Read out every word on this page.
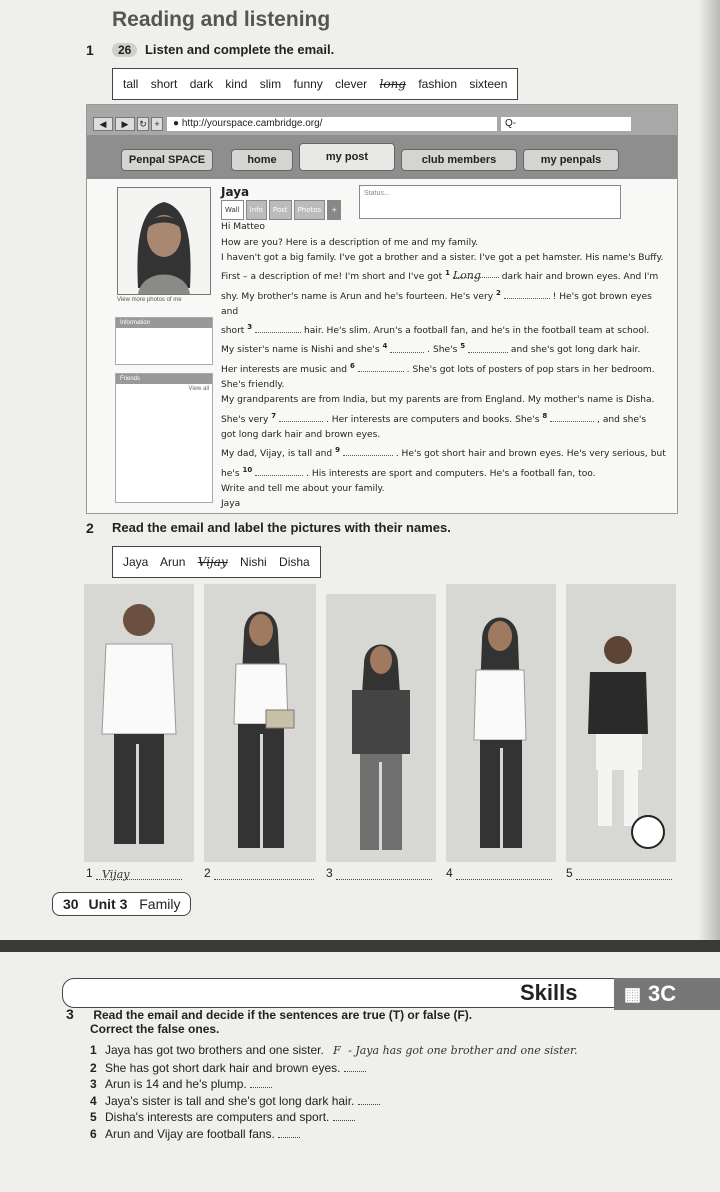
Reading and listening
1	26 Listen and complete the email.
tall short dark kind slim funny clever long fashion sixteen
◀	▶	↻ +	● http://yourspace.cambridge.org/	Q-
Penpal SPACE	home	my post	club members	my penpals
View more photos of me
Information
Friends
View all
Status...

Jaya

Wall Info Post Photos +

Hi Matteo

How are you? Here is a description of me and my family.

I haven't got a big family. I've got a brother and a sister. I've got a pet hamster. His name's Buffy.

First – a description of me! I'm short and I've got $^1$ Long dark hair and brown eyes. And I'm

shy. My brother's name is Arun and he's fourteen. He's very $^2$	! He's got brown eyes and

short $^3$	hair. He's slim. Arun's a football fan, and he's in the football team at school.

My sister's name is Nishi and she's $^4$	. She's $^5$	and she's got long dark hair.

Her interests are music and $^6$	. She's got lots of posters of pop stars in her bedroom.

She's friendly.

My grandparents are from India, but my parents are from England. My mother's name is Disha.

She's very $^7$	. Her interests are computers and books. She's $^8$	, and she's

got long dark hair and brown eyes.

My dad, Vijay, is tall and $^9$	. He's got short hair and brown eyes. He's very serious, but

he's $^{10}$	. His interests are sport and computers. He's a football fan, too.

Write and tell me about your family.

Jaya

2 Read the email and label the pictures with their names.
Jaya Arun Vijay Nishi Disha
1 Vijay	2	3	4	5
30 Unit 3 Family
Skills	▦ 3C
3 Read the email and decide if the sentences are true (T) or false (F).
Correct the false ones.
1 Jaya has got two brothers and one sister. F - Jaya has got one brother and one sister.
2 She has got short dark hair and brown eyes.
3 Arun is 14 and he's plump.
4 Jaya's sister is tall and she's got long dark hair.
5 Disha's interests are computers and sport.
6 Arun and Vijay are football fans.
